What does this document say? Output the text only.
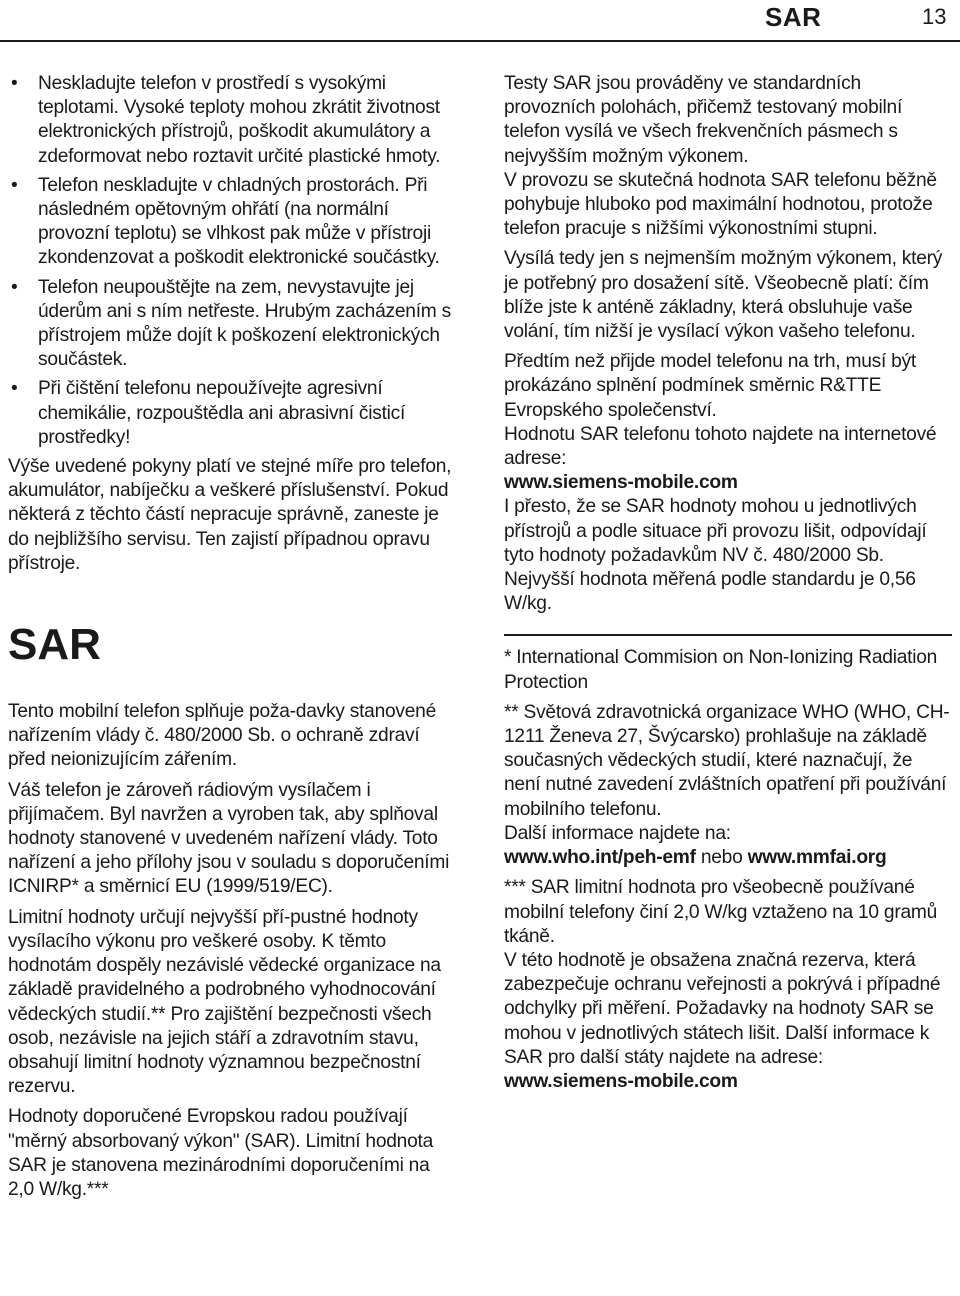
SAR	13
• Neskladujte telefon v prostředí s vysokými teplotami. Vysoké teploty mohou zkrátit životnost elektronických přístrojů, poškodit akumulátory a zdeformovat nebo roztavit určité plastické hmoty.
• Telefon neskladujte v chladných prostorách. Při následném opětovným ohřátí (na normální provozní teplotu) se vlhkost pak může v přístroji zkondenzovat a poškodit elektronické součástky.
• Telefon neupouštějte na zem, nevystavujte jej úderům ani s ním netřeste. Hrubým zacházením s přístrojem může dojít k poškození elektronických součástek.
• Při čištění telefonu nepoužívejte agresivní chemikálie, rozpouštědla ani abrasivní čisticí prostředky!

Výše uvedené pokyny platí ve stejné míře pro telefon, akumulátor, nabíječku a veškeré příslušenství. Pokud některá z těchto částí nepracuje správně, zaneste je do nejbližšího servisu. Ten zajistí případnou opravu přístroje.

SAR

Tento mobilní telefon splňuje poža-davky stanovené nařízením vlády č. 480/2000 Sb. o ochraně zdraví před neionizujícím zářením.

Váš telefon je zároveň rádiovým vysílačem i přijímačem. Byl navržen a vyroben tak, aby splňoval hodnoty stanovené v uvedeném nařízení vlády. Toto nařízení a jeho přílohy jsou v souladu s doporučeními ICNIRP* a směrnicí EU (1999/519/EC).

Limitní hodnoty určují nejvyšší pří-pustné hodnoty vysílacího výkonu pro veškeré osoby. K těmto hodnotám dospěly nezávislé vědecké organizace na základě pravidelného a podrobného vyhodnocování vědeckých studií.** Pro zajištění bezpečnosti všech osob, nezávisle na jejich stáří a zdravotním stavu, obsahují limitní hodnoty významnou bezpečnostní rezervu.

Hodnoty doporučené Evropskou radou používají "měrný absorbovaný výkon" (SAR). Limitní hodnota SAR je stanovena mezinárodními doporučeními na 2,0 W/kg.***

Testy SAR jsou prováděny ve standardních provozních polohách, přičemž testovaný mobilní telefon vysílá ve všech frekvenčních pásmech s nejvyšším možným výkonem.

V provozu se skutečná hodnota SAR telefonu běžně pohybuje hluboko pod maximální hodnotou, protože telefon pracuje s nižšími výkonostními stupni.

Vysílá tedy jen s nejmenším možným výkonem, který je potřebný pro dosažení sítě. Všeobecně platí: čím blíže jste k anténě základny, která obsluhuje vaše volání, tím nižší je vysílací výkon vašeho telefonu.

Předtím než přijde model telefonu na trh, musí být prokázáno splnění podmínek směrnic R&TTE Evropského společenství.

Hodnotu SAR telefonu tohoto najdete na internetové adrese:

www.siemens-mobile.com

I přesto, že se SAR hodnoty mohou u jednotlivých přístrojů a podle situace při provozu lišit, odpovídají tyto hodnoty požadavkům NV č. 480/2000 Sb. Nejvyšší hodnota měřená podle standardu je 0,56 W/kg.

* International Commision on Non-Ionizing Radiation Protection

** Světová zdravotnická organizace WHO (WHO, CH-1211 Ženeva 27, Švýcarsko) prohlašuje na základě současných vědeckých studií, které naznačují, že není nutné zavedení zvláštních opatření při používání mobilního telefonu.

Další informace najdete na:

www.who.int/peh-emf nebo www.mmfai.org

*** SAR limitní hodnota pro všeobecně používané mobilní telefony činí 2,0 W/kg vztaženo na 10 gramů tkáně.

V této hodnotě je obsažena značná rezerva, která zabezpečuje ochranu veřejnosti a pokrývá i případné odchylky při měření. Požadavky na hodnoty SAR se mohou v jednotlivých státech lišit. Další informace k SAR pro další státy najdete na adrese:
www.siemens-mobile.com
